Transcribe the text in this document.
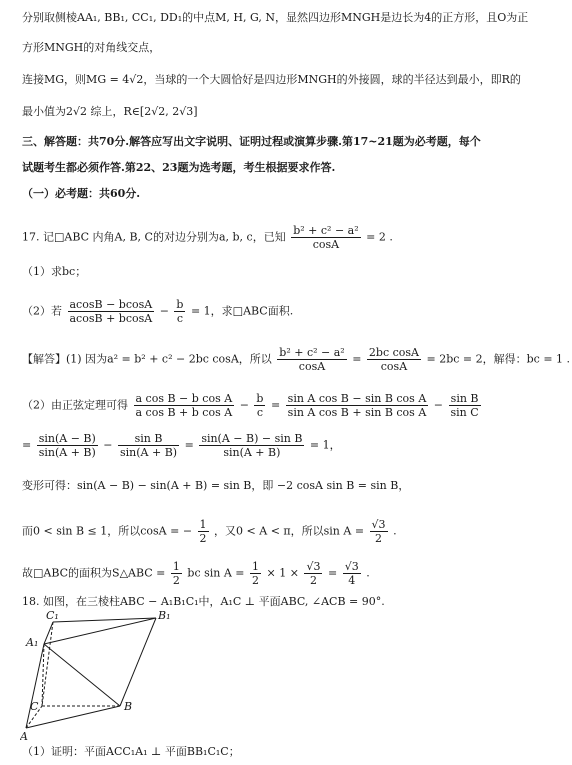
分别取侧棱AA₁, BB₁, CC₁, DD₁的中点M, H, G, N，显然四边形MNGH是边长为4的正方形，且O为正
方形MNGH的对角线交点，
连接MG，则MG = 4√2，当球的一个大圆恰好是四边形MNGH的外接圆，球的半径达到最小，即R的
最小值为2√2 综上，R∈[2√2, 2√3]
三、解答题：共70分.解答应写出文字说明、证明过程或演算步骤.第17~21题为必考题，每个
试题考生都必须作答.第22、23题为选考题，考生根据要求作答.
（一）必考题：共60分.
17. 记□ABC 内角A, B, C的对边分别为a, b, c，已知 $\frac{\text{b² + c² − a²}}{\cos A} = 2$ .
（1）求bc；
（2）若 $\frac{acosB - bcosA}{acosB + bcosA} - \frac{b}{c} = 1$，求□ABC面积.
【解答】(1) 因为a² = b² + c² − 2bc cosA，所以 $\frac{\text{b² + c² − a²}}{\cos A} = \frac{\text{2bc cosA}}{\cos A} = 2bc = 2$，解得：bc = 1 .
（2）由正弦定理可得 $\frac{\text{a cos B − b cos A}}{\text{a cos B + b cos A}} - \frac{b}{c} = \frac{\text{sin A cos B − sin B cos A}}{\text{sin A cos B + sin B cos A}} - \frac{\text{sin B}}{\text{sin C}}$
= $\frac{\sin(A - B)}{\sin(A + B)} - \frac{\text{sin B}}{\sin(A + B)} = \frac{\text{sin(A − B) − sin B}}{\sin(A + B)} = 1$，
变形可得：sin(A − B) − sin(A + B) = sin B，即 −2 cosA sin B = sin B，
而0 < sin B ≤ 1，所以cosA = − $\frac{1}{2}$ ，又0 < A < π，所以$\sin A = \frac{√3}{2}$ .
故□ABC的面积为S△ABC = $\frac{1}{2}$ bc $\sin A = \frac{1}{2} \times 1 \times \frac{√3}{2} = \frac{√3}{4}$ .
18. 如图，在三棱柱ABC − A₁B₁C₁中，A₁C ⊥ 平面ABC, ∠ACB = 90°.
C₁	B₁
A₁
C	B
A
（1）证明：平面ACC₁A₁ ⊥ 平面BB₁C₁C；
